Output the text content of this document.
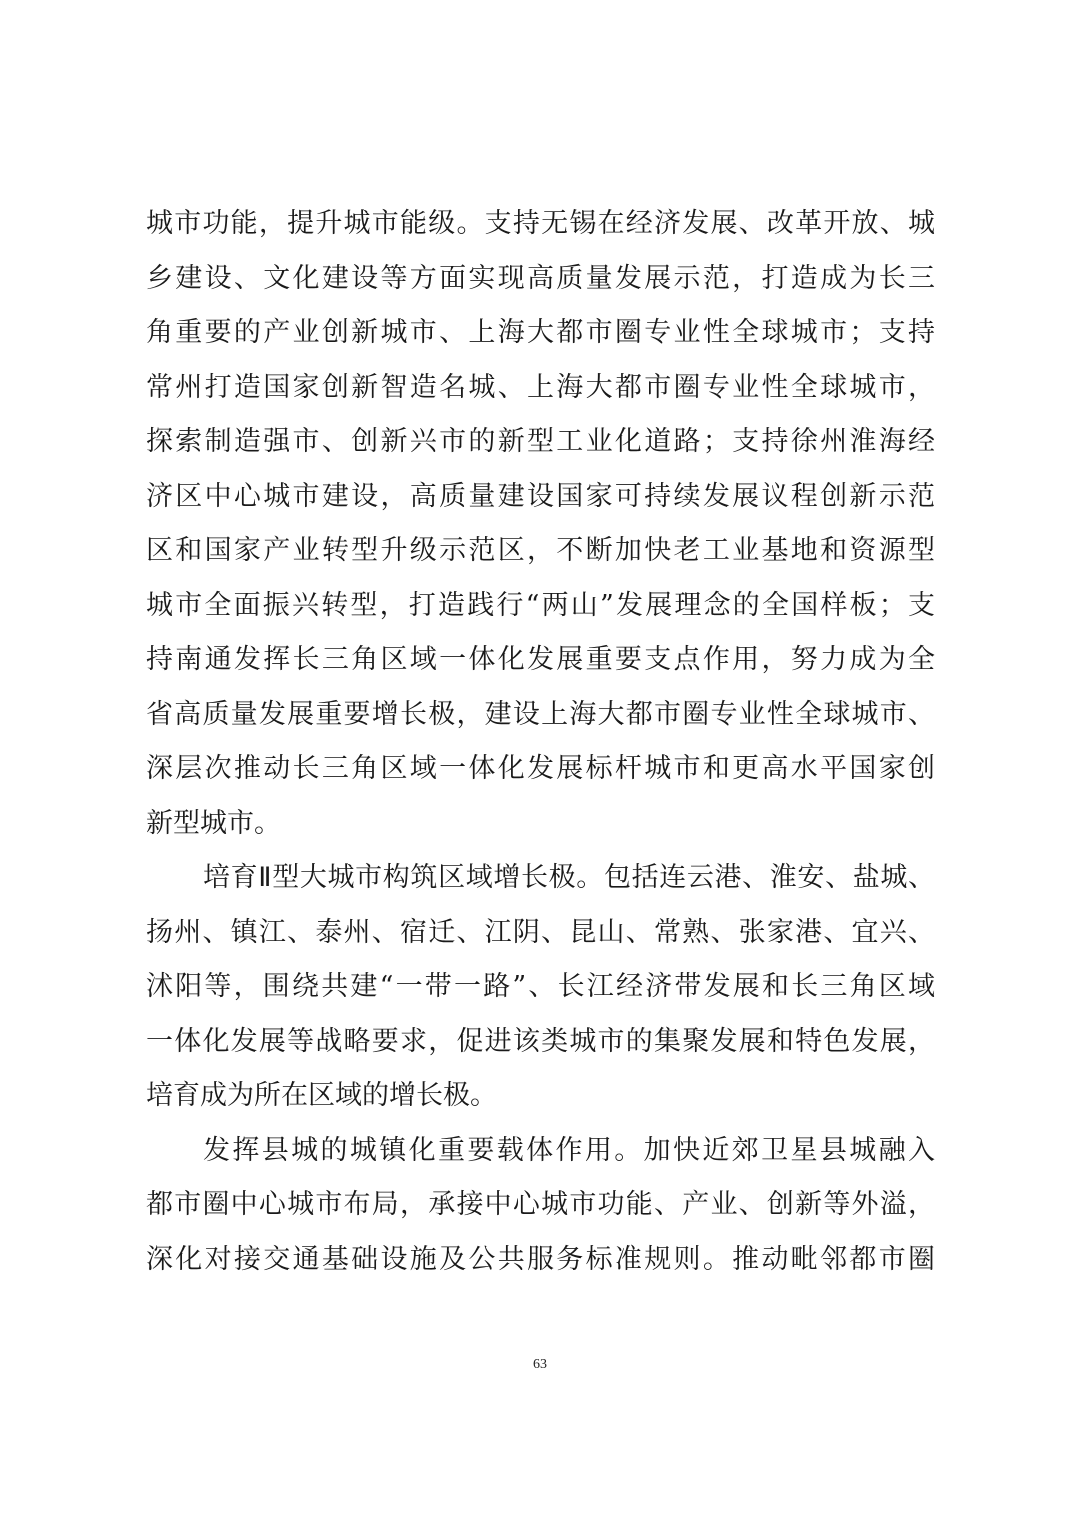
城市功能，提升城市能级。支持无锡在经济发展、改革开放、城
乡建设、文化建设等方面实现高质量发展示范，打造成为长三
角重要的产业创新城市、上海大都市圈专业性全球城市；支持
常州打造国家创新智造名城、上海大都市圈专业性全球城市，
探索制造强市、创新兴市的新型工业化道路；支持徐州淮海经
济区中心城市建设，高质量建设国家可持续发展议程创新示范
区和国家产业转型升级示范区，不断加快老工业基地和资源型
城市全面振兴转型，打造践行“两山”发展理念的全国样板；支
持南通发挥长三角区域一体化发展重要支点作用，努力成为全
省高质量发展重要增长极，建设上海大都市圈专业性全球城市、
深层次推动长三角区域一体化发展标杆城市和更高水平国家创
新型城市。
培育Ⅱ型大城市构筑区域增长极。包括连云港、淮安、盐城、
扬州、镇江、泰州、宿迁、江阴、昆山、常熟、张家港、宜兴、
沭阳等，围绕共建“一带一路”、长江经济带发展和长三角区域
一体化发展等战略要求，促进该类城市的集聚发展和特色发展，
培育成为所在区域的增长极。
发挥县城的城镇化重要载体作用。加快近郊卫星县城融入
都市圈中心城市布局，承接中心城市功能、产业、创新等外溢，
深化对接交通基础设施及公共服务标准规则。推动毗邻都市圈
63
